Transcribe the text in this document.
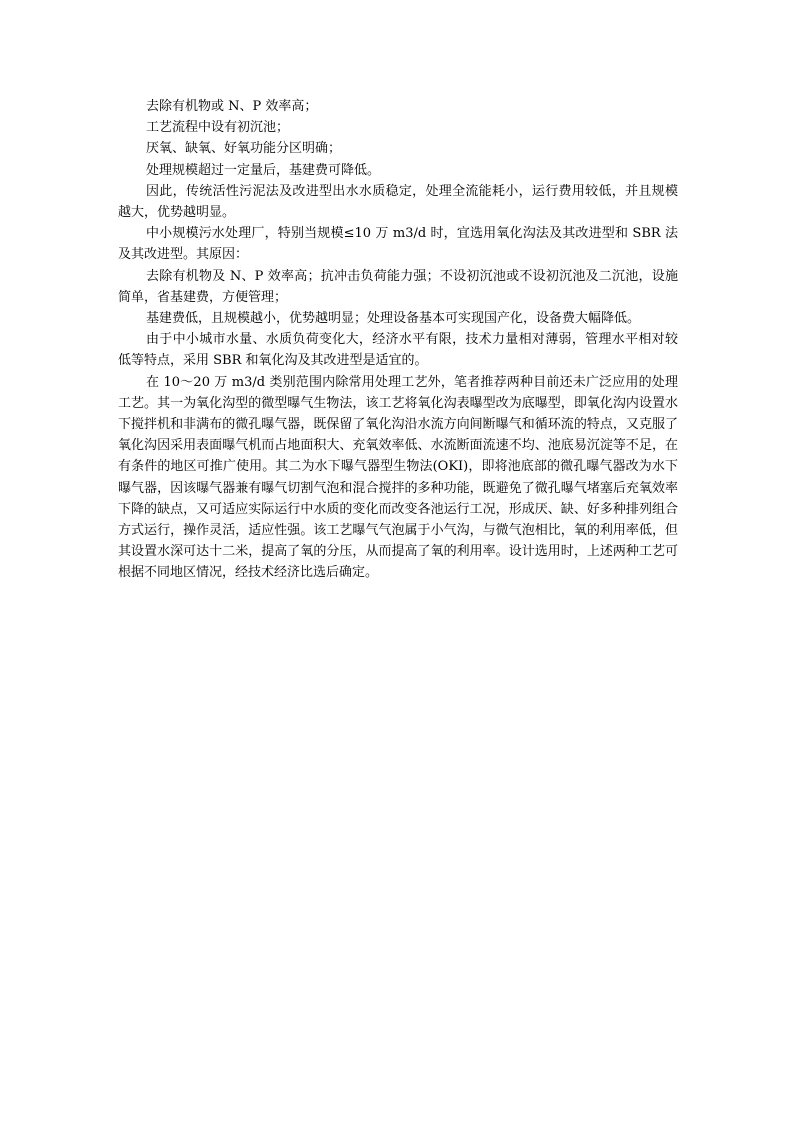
去除有机物或 N、P 效率高；

工艺流程中设有初沉池；

厌氧、缺氧、好氧功能分区明确；

处理规模超过一定量后，基建费可降低。

因此，传统活性污泥法及改进型出水水质稳定，处理全流能耗小，运行费用较低，并且规模越大，优势越明显。

中小规模污水处理厂，特别当规模≤10 万 m3/d 时，宜选用氧化沟法及其改进型和 SBR 法及其改进型。其原因：

去除有机物及 N、P 效率高；抗冲击负荷能力强；不设初沉池或不设初沉池及二沉池，设施简单，省基建费，方便管理；

基建费低，且规模越小，优势越明显；处理设备基本可实现国产化，设备费大幅降低。

由于中小城市水量、水质负荷变化大，经济水平有限，技术力量相对薄弱，管理水平相对较低等特点，采用 SBR 和氧化沟及其改进型是适宜的。

在 10～20 万 m3/d 类别范围内除常用处理工艺外，笔者推荐两种目前还未广泛应用的处理工艺。其一为氧化沟型的微型曝气生物法，该工艺将氧化沟表曝型改为底曝型，即氧化沟内设置水下搅拌机和非满布的微孔曝气器，既保留了氧化沟沿水流方向间断曝气和循环流的特点，又克服了氧化沟因采用表面曝气机而占地面积大、充氧效率低、水流断面流速不均、池底易沉淀等不足，在有条件的地区可推广使用。其二为水下曝气器型生物法(OKI)，即将池底部的微孔曝气器改为水下曝气器，因该曝气器兼有曝气切割气泡和混合搅拌的多种功能，既避免了微孔曝气堵塞后充氧效率下降的缺点，又可适应实际运行中水质的变化而改变各池运行工况，形成厌、缺、好多种排列组合方式运行，操作灵活，适应性强。该工艺曝气气泡属于小气沟，与微气泡相比，氧的利用率低，但其设置水深可达十二米，提高了氧的分压，从而提高了氧的利用率。设计选用时，上述两种工艺可根据不同地区情况，经技术经济比选后确定。
